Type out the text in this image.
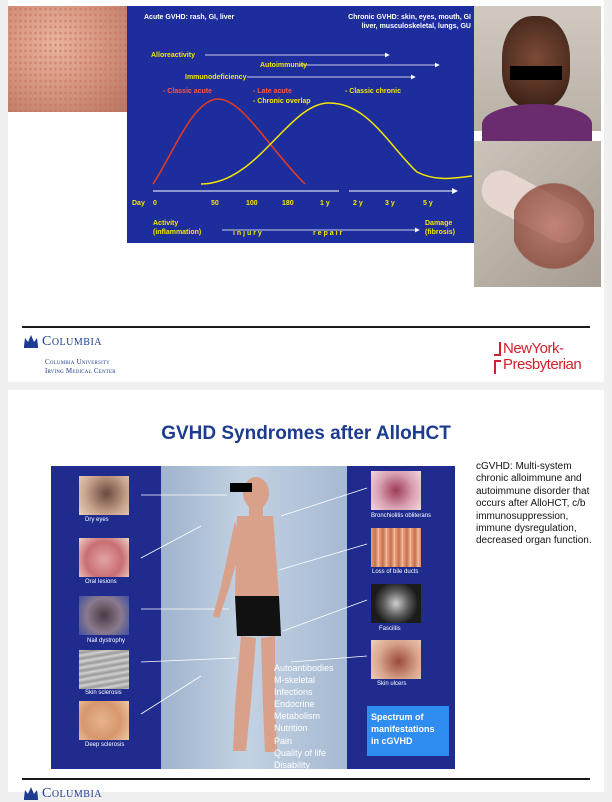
Acute GVHD: rash, GI, liver	Chronic GVHD: skin, eyes, mouth, GI
liver, musculoskeletal, lungs, GU
Alloreactivity
Autoimmunity
Immunodeficiency
- Classic acute	- Late acute
- Chronic overlap
- Classic chronic
Day 0	50	100	180	1 y	2 y	3 y	5 y
Activity
(inflammation)	i n j u r y	r e p a i r
Damage
(fibrosis)
Columbia
Columbia University
Irving Medical Center
NewYork-
Presbyterian
GVHD Syndromes after AlloHCT
Dry eyes
Oral lesions
Nail dystrophy
Skin sclerosis
Deep sclerosis
Bronchiolitis obliterans
Loss of bile ducts
Fasciitis
Skin ulcers
Autoantibodies
M-skeletal
Infections
Endocrine
Metabolism
Nutrition
Pain
Quality of life
Disability
Spectrum of
manifestations
in cGVHD
cGVHD: Multi-system chronic alloimmune and autoimmune disorder that occurs after AlloHCT, c/b immunosuppression, immune dysregulation, decreased organ function.
Columbia
